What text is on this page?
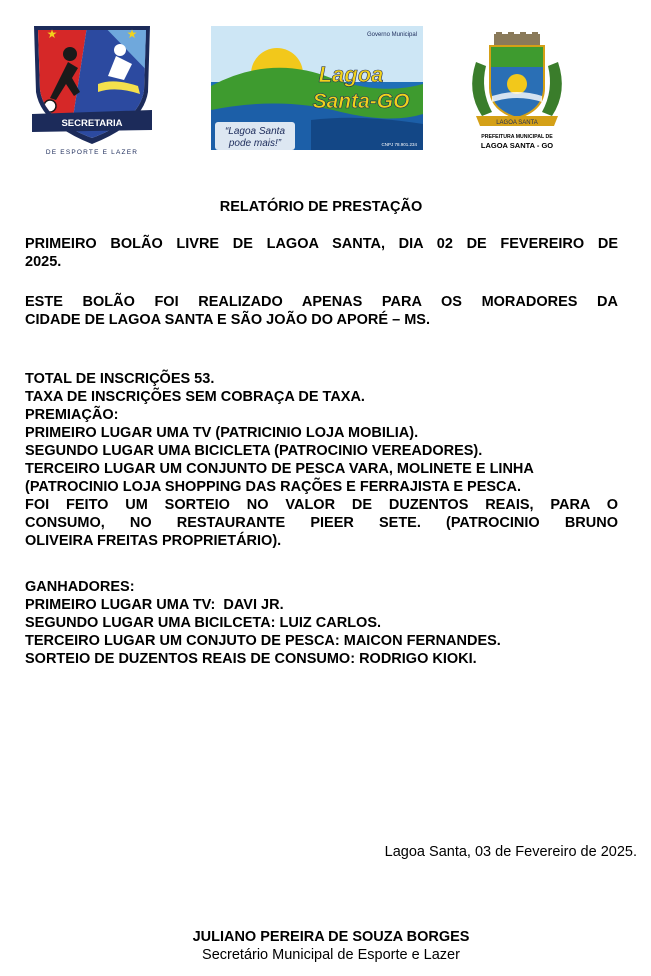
SECRETARIA
★	★
DE ESPORTE E LAZER
Governo Municipal
Lagoa
Santa-GO
“Lagoa Santa
pode mais!”	CNPJ 78.901.234
LAGOA SANTA
PREFEITURA MUNICIPAL DE
LAGOA SANTA - GO
RELATÓRIO DE PRESTAÇÃO
PRIMEIRO BOLÃO LIVRE DE LAGOA SANTA, DIA 02 DE FEVEREIRO DE
2025.
ESTE BOLÃO FOI REALIZADO APENAS PARA OS MORADORES DA
CIDADE DE LAGOA SANTA E SÃO JOÃO DO APORÉ – MS.
TOTAL DE INSCRIÇÕES 53.
TAXA DE INSCRIÇÕES SEM COBRAÇA DE TAXA.
PREMIAÇÃO:
PRIMEIRO LUGAR UMA TV (PATRICINIO LOJA MOBILIA).
SEGUNDO LUGAR UMA BICICLETA (PATROCINIO VEREADORES).
TERCEIRO LUGAR UM CONJUNTO DE PESCA VARA, MOLINETE E LINHA
(PATROCINIO LOJA SHOPPING DAS RAÇÕES E FERRAJISTA E PESCA.
FOI FEITO UM SORTEIO NO VALOR DE DUZENTOS REAIS, PARA O
CONSUMO, NO RESTAURANTE PIEER SETE. (PATROCINIO BRUNO
OLIVEIRA FREITAS PROPRIETÁRIO).
GANHADORES:
PRIMEIRO LUGAR UMA TV:  DAVI JR.
SEGUNDO LUGAR UMA BICILCETA: LUIZ CARLOS.
TERCEIRO LUGAR UM CONJUTO DE PESCA: MAICON FERNANDES.
SORTEIO DE DUZENTOS REAIS DE CONSUMO: RODRIGO KIOKI.
Lagoa Santa, 03 de Fevereiro de 2025.
JULIANO PEREIRA DE SOUZA BORGES
Secretário Municipal de Esporte e Lazer
